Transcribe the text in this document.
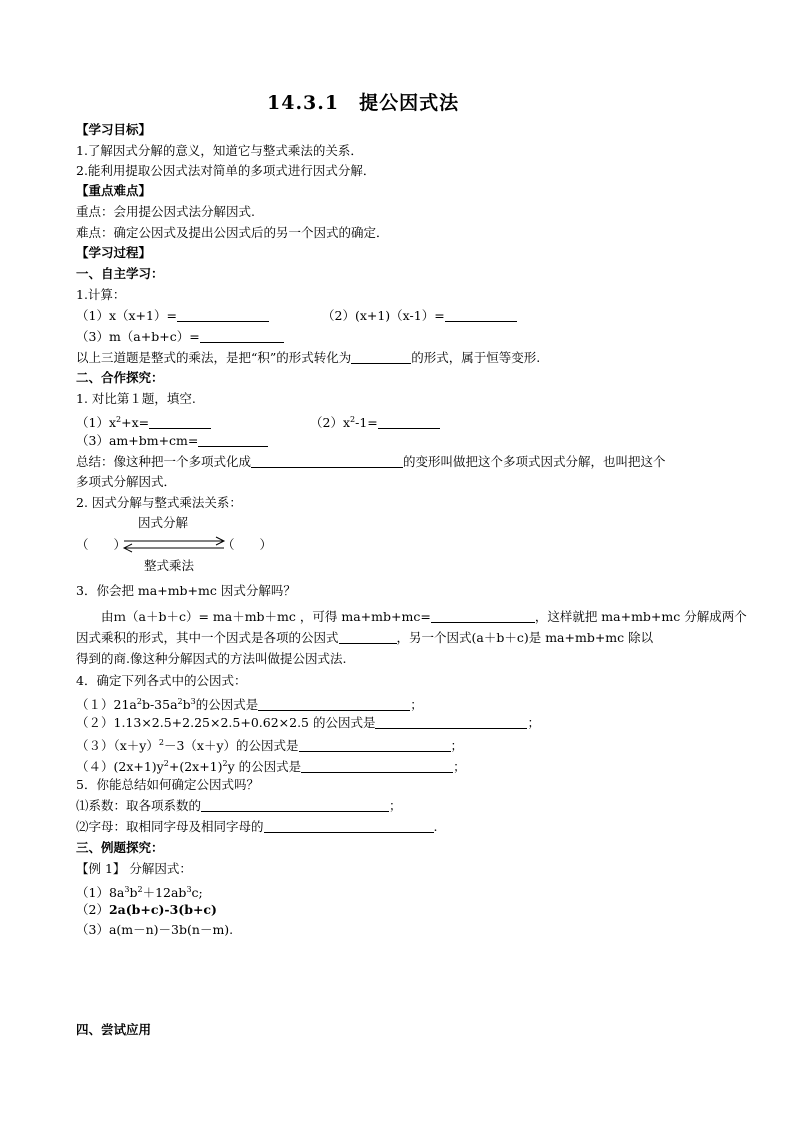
14.3.1　提公因式法
【学习目标】
1.了解因式分解的意义，知道它与整式乘法的关系．
2.能利用提取公因式法对简单的多项式进行因式分解．
【重点难点】
重点：会用提公因式法分解因式.
难点：确定公因式及提出公因式后的另一个因式的确定．
【学习过程】
一、自主学习：
1.计算：
（1）x（x+1）=	（2）(x+1)（x-1）=
（3）m（a+b+c）=
以上三道题是整式的乘法，是把“积”的形式转化为	的形式，属于恒等变形.
二、合作探究：
1. 对比第１题，填空.
$(1)x^2+x=$	$(2)x^2-1=$
（3）am+bm+cm=
总结：像这种把一个多项式化成	的变形叫做把这个多项式因式分解，也叫把这个
多项式分解因式．
2. 因式分解与整式乘法关系：
因式分解
（　　）	（　　）
整式乘法
3．你会把 ma+mb+mc 因式分解吗？
由ｍ（a＋b＋c）= ma＋mb＋mc ，可得 ma+mb+mc=	，这样就把 ma+mb+mc 分解成两个
因式乘积的形式，其中一个因式是各项的公因式	，另一个因式(a＋b＋c)是 ma+mb+mc 除以
得到的商.像这种分解因式的方法叫做提公因式法.
4．确定下列各式中的公因式：
$(1)21a^2b-35a^2b^3$的公因式是	；
（２）1.13×2.5+2.25×2.5+0.62×2.5 的公因式是	；
$(3)(x+y)^2-3(x+y)$的公因式是	；
$(4)(2x+1)y^2+(2x+1)^2y$ 的公因式是	；
5．你能总结如何确定公因式吗？
⑴系数：取各项系数的	；
⑵字母：取相同字母及相同字母的	.
三、例题探究：
【例 1】 分解因式：
$(1)8a^3b^2+12ab^3c$;
（2）2a(b+c)-3(b+c)
（3）a(m－n)－3b(n－m).
四、尝试应用
